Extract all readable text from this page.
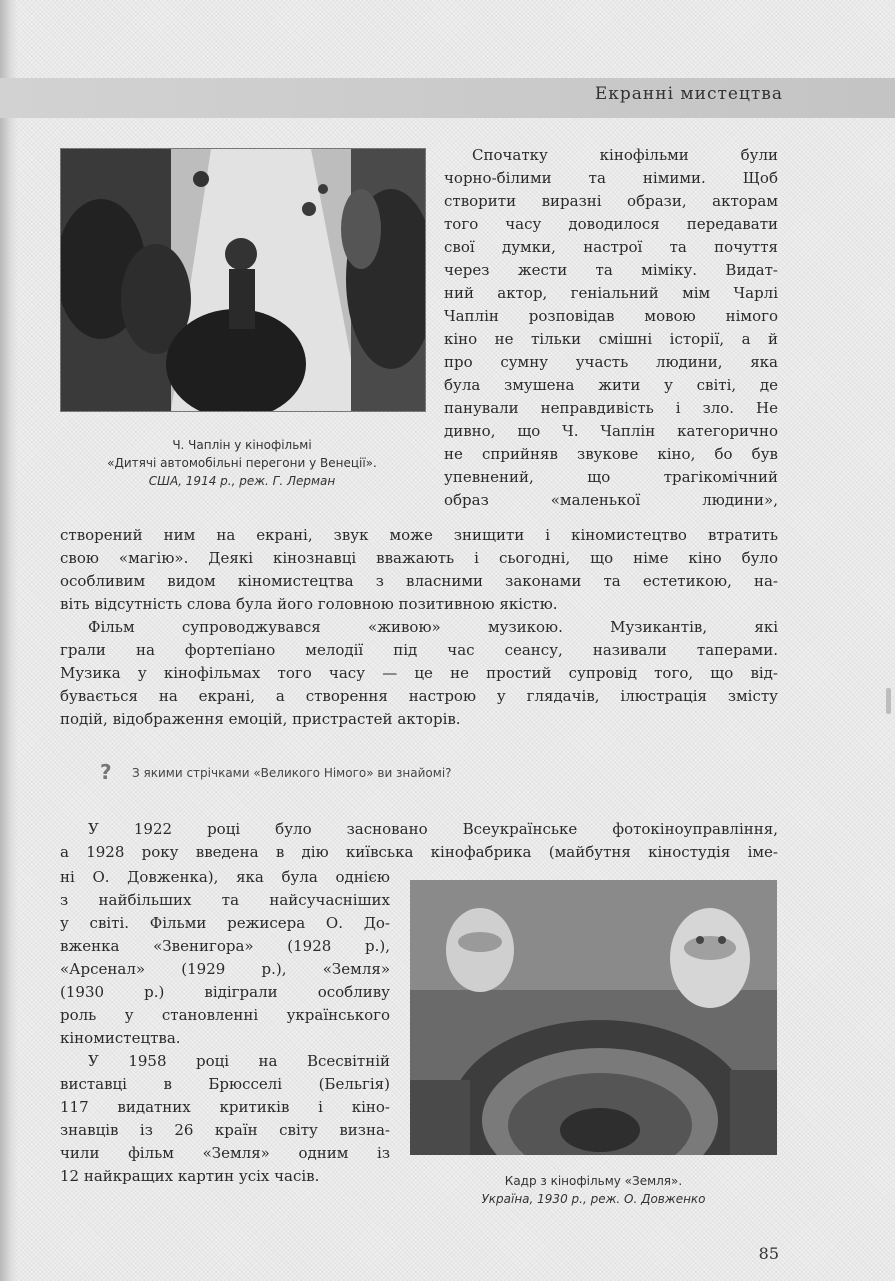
Екранні мистецтва
Ч. Чаплін у кінофільмі
«Дитячі автомобільні перегони у Венеції».
США, 1914 р., реж. Г. Лерман
Спочатку кінофільми були
чорно-білими та німими. Щоб
створити виразні образи, акторам
того часу доводилося передавати
свої думки, настрої та почуття
через жести та міміку. Видат-
ний актор, геніальний мім Чарлі
Чаплін розповідав мовою німого
кіно не тільки смішні історії, а й
про сумну участь людини, яка
була змушена жити у світі, де
панували неправдивість і зло. Не
дивно, що Ч. Чаплін категорично
не сприйняв звукове кіно, бо був
упевнений, що трагікомічний
образ «маленької людини»,
створений ним на екрані, звук може знищити і кіномистецтво втратить
свою «магію». Деякі кінознавці вважають і сьогодні, що німе кіно було
особливим видом кіномистецтва з власними законами та естетикою, на-
віть відсутність слова була його головною позитивною якістю.
Фільм супроводжувався «живою» музикою. Музикантів, які
грали на фортепіано мелодії під час сеансу, називали таперами.
Музика у кінофільмах того часу — це не простий супровід того, що від-
бувається на екрані, а створення настрою у глядачів, ілюстрація змісту
подій, відображення емоцій, пристрастей акторів.
?	З якими стрічками «Великого Німого» ви знайомі?
У 1922 році було засновано Всеукраїнське фотокіноуправління,
а 1928 року введена в дію київська кінофабрика (майбутня кіностудія іме-
ні О. Довженка), яка була однією
з найбільших та найсучасніших
у світі. Фільми режисера О. До-
вженка «Звенигора» (1928 р.),
«Арсенал» (1929 р.), «Земля»
(1930 р.) відіграли особливу
роль у становленні українського
кіномистецтва.
У 1958 році на Всесвітній
виставці в Брюсселі (Бельгія)
117 видатних критиків і кіно-
знавців із 26 країн світу визна-
чили фільм «Земля» одним із
12 найкращих картин усіх часів.	Кадр з кінофільму «Земля».
Україна, 1930 р., реж. О. Довженко
85
